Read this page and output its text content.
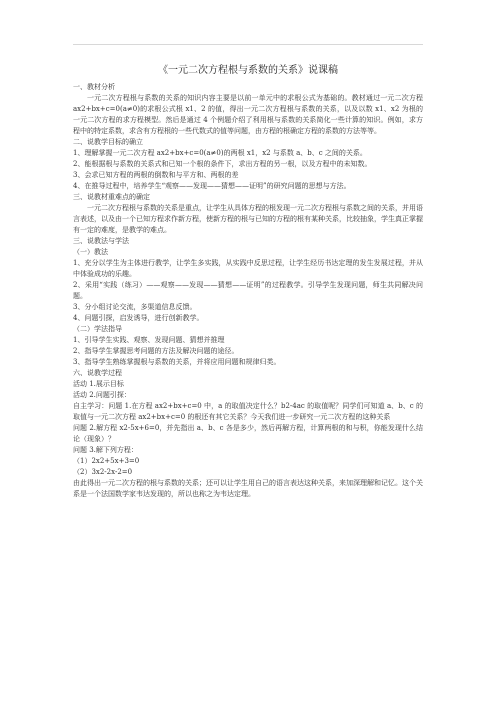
《一元二次方程根与系数的关系》说课稿

一、教材分析

一元二次方程根与系数的关系的知识内容主要是以前一单元中的求根公式为基础的。教材通过一元二次方程 ax2+bx+c=0(a≠0)的求根公式根 x1、2 的值，得出一元二次方程根与系数的关系，以及以数 x1、x2 为根的一元二次方程的求方程模型。然后是通过 4 个例题介绍了利用根与系数的关系简化一些计算的知识。例如，求方程中的特定系数，求含有方程根的一些代数式的值等问题，由方程的根确定方程的系数的方法等等。

二、说教学目标的确立

1、理解掌握一元二次方程 ax2+bx+c=0(a≠0)的两根 x1，x2 与系数 a、b、c 之间的关系。

2、能根据根与系数的关系式和已知一个根的条件下，求出方程的另一根，以及方程中的未知数。

3、会求已知方程的两根的倒数和与平方和、两根的差

4、在推导过程中，培养学生“观察——发现——猜想——证明”的研究问题的思想与方法。

三、说教材重难点的确定

一元二次方程根与系数的关系是重点，让学生从具体方程的根发现一元二次方程根与系数之间的关系，并用语言表述，以及由一个已知方程求作新方程，使新方程的根与已知的方程的根有某种关系，比较抽象，学生真正掌握有一定的难度，是教学的难点。

三、说教法与学法

（一）教法

1、充分以学生为主体进行教学，让学生多实践，从实践中反思过程，让学生经历书达定理的发生发展过程，并从中体验成功的乐趣。

2、采用“实践（练习）——观察——发现——猜想——证明”的过程教学。引导学生发现问题，师生共同解决问题。

3、分小组讨论交流，多渠道信息反馈。

4、问题引探，启发诱导，进行创新教学。

（二）学法指导

1、引导学生实践、观察、发现问题、猜想并推理

2、指导学生掌握思考问题的方法及解决问题的途径。

3、指导学生熟练掌握根与系数的关系，并将应用问题和规律归类。

六、说教学过程

活动 1.展示目标

活动 2.问题引探：

自主学习：问题 1.在方程 ax2+bx+c=0 中，a 的取值决定什么？b2-4ac 的取值呢？同学们可知道 a、b、c 的取值与一元二次方程 ax2+bx+c=0 的根还有其它关系？今天我们进一步研究一元二次方程的这种关系

问题 2.解方程 x2-5x+6=0，并先指出 a、b、c 各是多少，然后再解方程，计算两根的和与积，你能发现什么结论（现象）？

问题 3.解下列方程：

（1）2x2+5x+3=0

（2）3x2-2x-2=0

由此得出一元二次方程的根与系数的关系；还可以让学生用自己的语言表达这种关系，来加深理解和记忆。这个关系是一个法国数学家韦达发现的，所以也称之为韦达定理。
